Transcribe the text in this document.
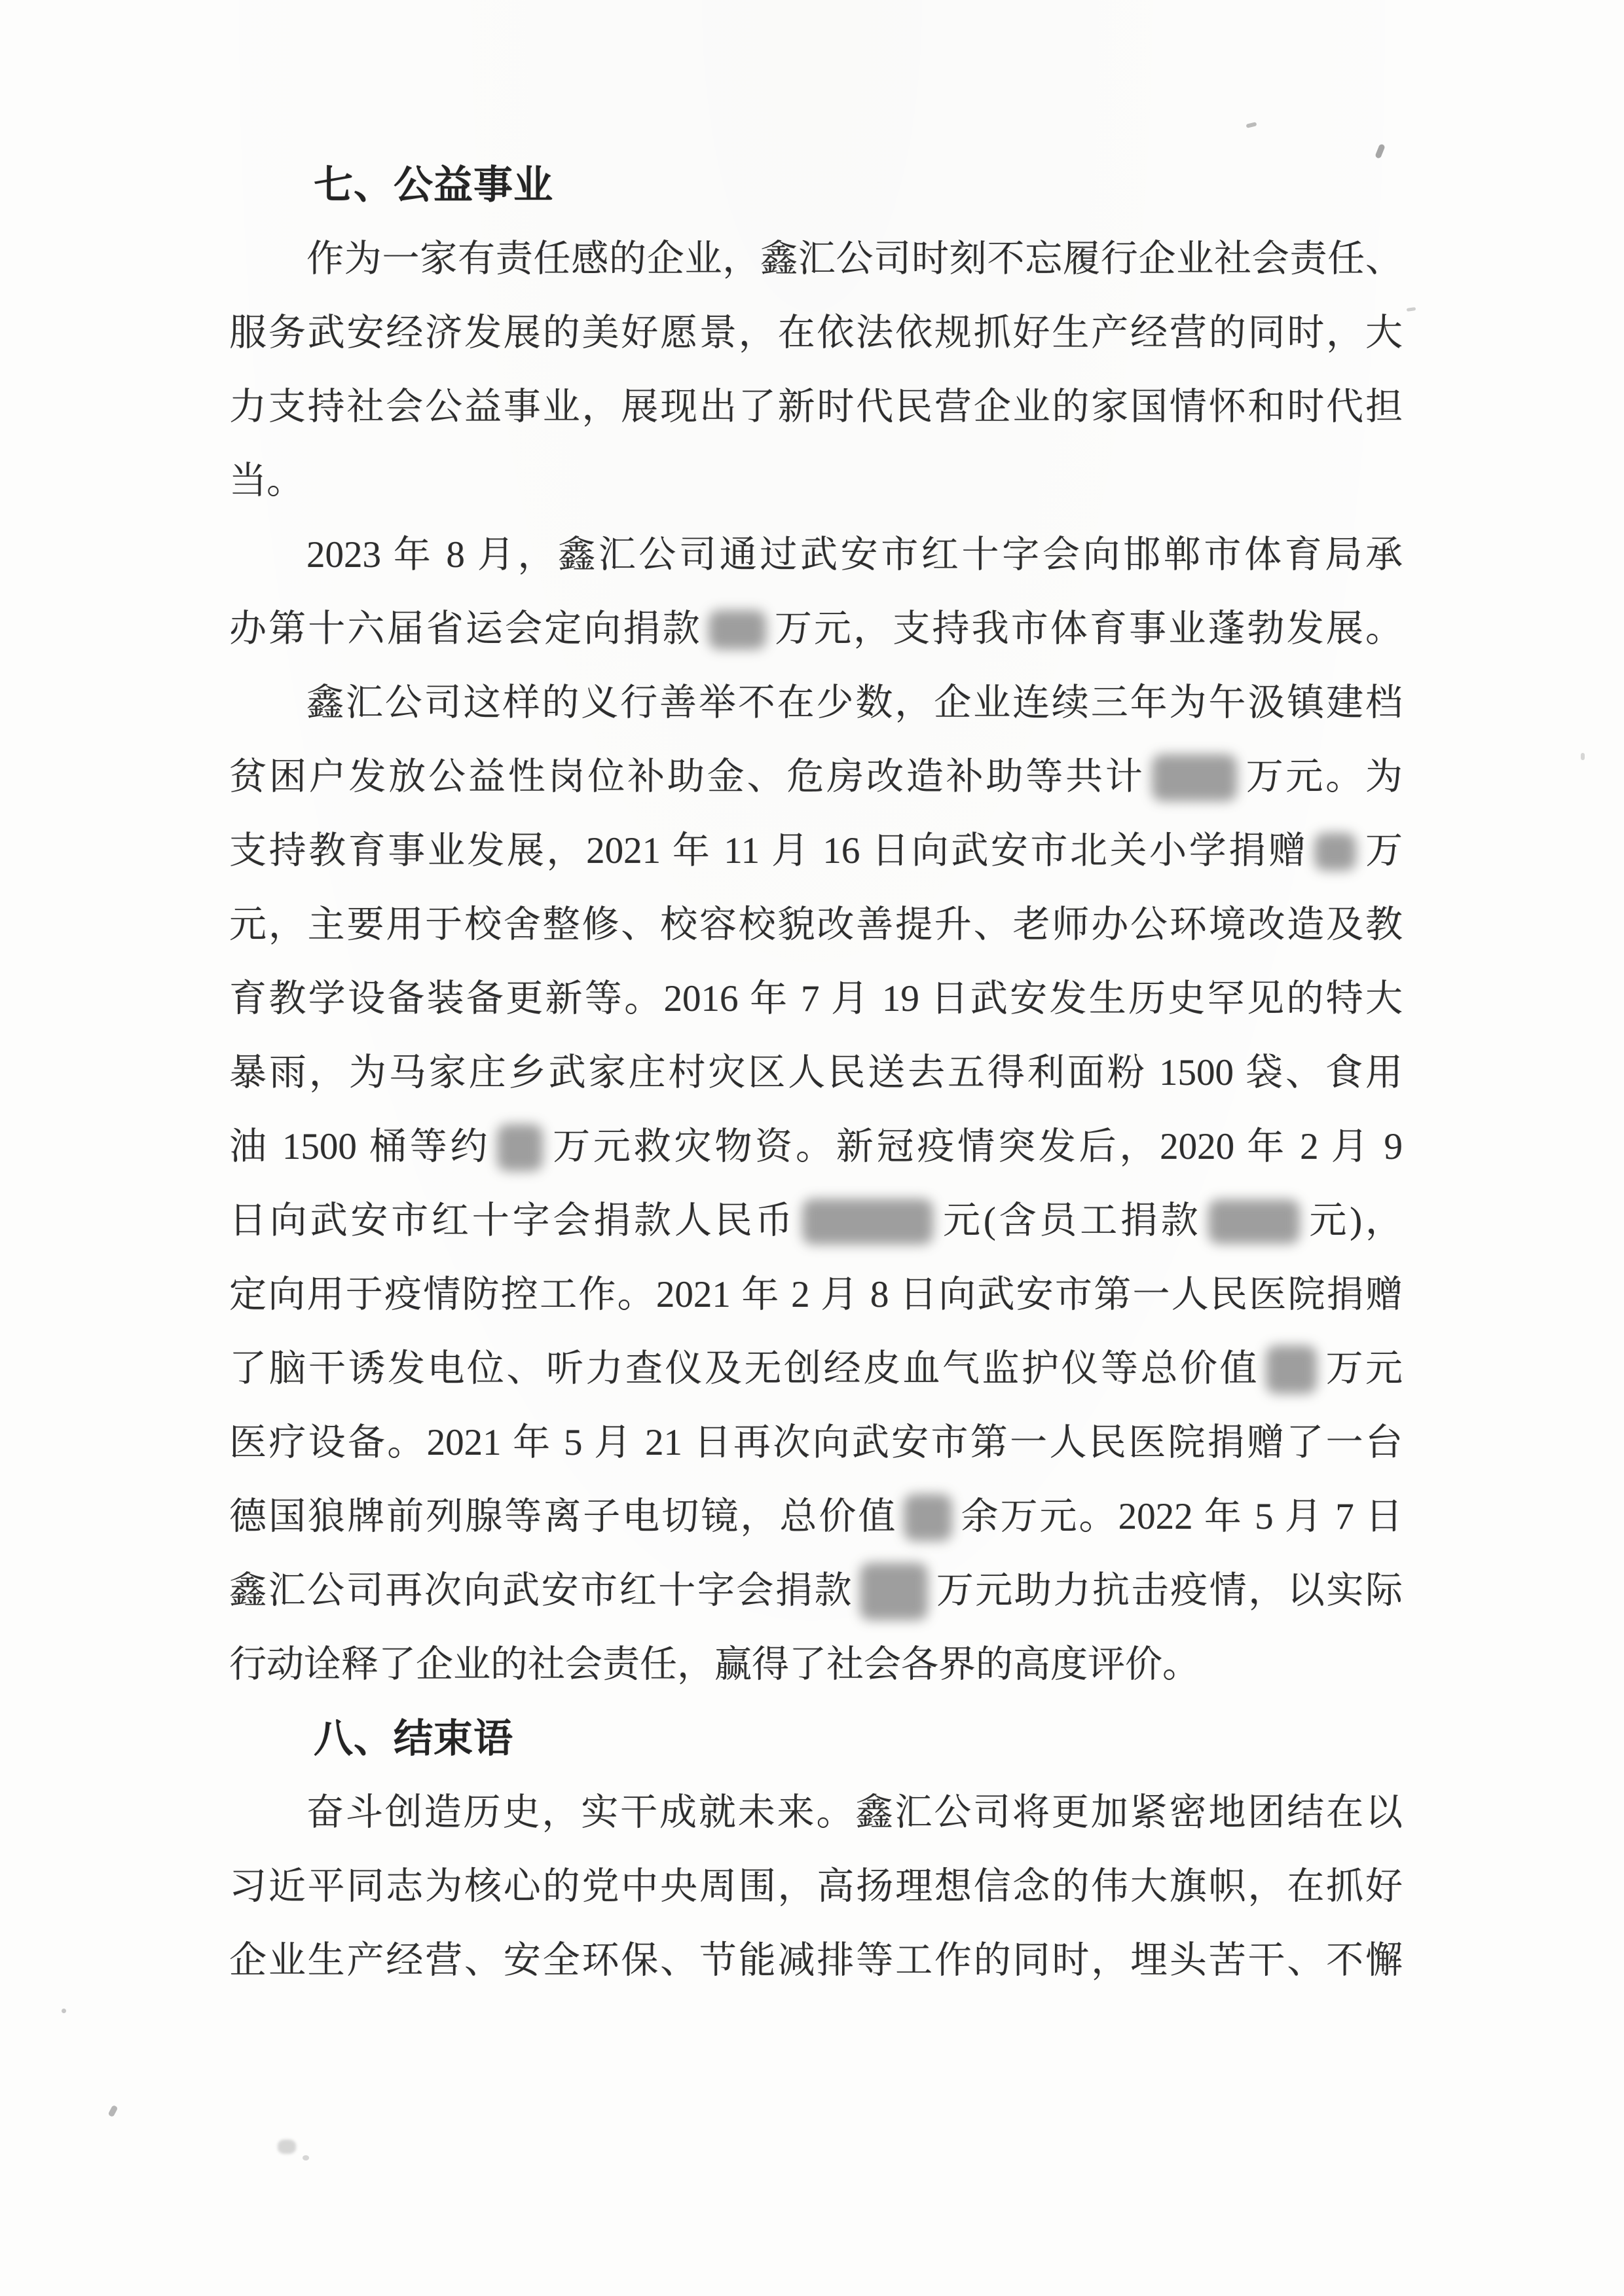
七、公益事业
作为一家有责任感的企业，鑫汇公司时刻不忘履行企业社会责任、
服务武安经济发展的美好愿景，在依法依规抓好生产经营的同时，大
力支持社会公益事业，展现出了新时代民营企业的家国情怀和时代担
当。
2023 年 8 月，鑫汇公司通过武安市红十字会向邯郸市体育局承
办第十六届省运会定向捐款 万元，支持我市体育事业蓬勃发展。
鑫汇公司这样的义行善举不在少数，企业连续三年为午汲镇建档
贫困户发放公益性岗位补助金、危房改造补助等共计	万元。为
支持教育事业发展，2021 年 11 月 16 日向武安市北关小学捐赠 万
元，主要用于校舍整修、校容校貌改善提升、老师办公环境改造及教
育教学设备装备更新等。2016 年 7 月 19 日武安发生历史罕见的特大
暴雨，为马家庄乡武家庄村灾区人民送去五得利面粉 1500 袋、食用
油 1500 桶等约 万元救灾物资。新冠疫情突发后，2020 年 2 月 9
日向武安市红十字会捐款人民币	元(含员工捐款	元)，
定向用于疫情防控工作。2021 年 2 月 8 日向武安市第一人民医院捐赠
了脑干诱发电位、听力查仪及无创经皮血气监护仪等总价值 万元
医疗设备。2021 年 5 月 21 日再次向武安市第一人民医院捐赠了一台
德国狼牌前列腺等离子电切镜，总价值 余万元。2022 年 5 月 7 日
鑫汇公司再次向武安市红十字会捐款 万元助力抗击疫情，以实际
行动诠释了企业的社会责任，赢得了社会各界的高度评价。
八、结束语
奋斗创造历史，实干成就未来。鑫汇公司将更加紧密地团结在以
习近平同志为核心的党中央周围，高扬理想信念的伟大旗帜，在抓好
企业生产经营、安全环保、节能减排等工作的同时，埋头苦干、不懈
